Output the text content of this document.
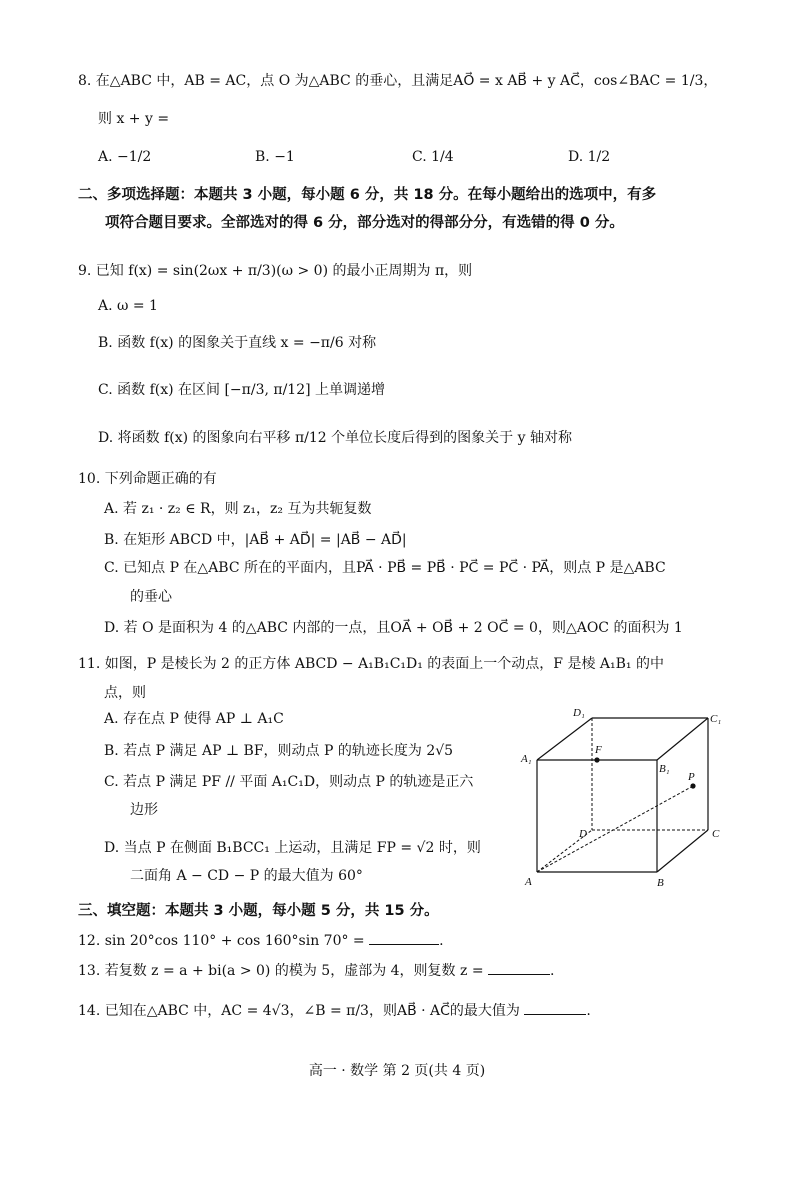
8. 在△ABC 中，AB = AC，点 O 为△ABC 的垂心，且满足AO⃗ = x AB⃗ + y AC⃗，cos∠BAC = 1/3，
则 x + y =
A. −1/2	B. −1	C. 1/4	D. 1/2
二、多项选择题：本题共 3 小题，每小题 6 分，共 18 分。在每小题给出的选项中，有多
项符合题目要求。全部选对的得 6 分，部分选对的得部分分，有选错的得 0 分。
9. 已知 f(x) = sin(2ωx + π/3)(ω > 0) 的最小正周期为 π，则
A. ω = 1
B. 函数 f(x) 的图象关于直线 x = −π/6 对称
C. 函数 f(x) 在区间 [−π/3, π/12] 上单调递增
D. 将函数 f(x) 的图象向右平移 π/12 个单位长度后得到的图象关于 y 轴对称
10. 下列命题正确的有
A. 若 z₁ · z₂ ∈ R，则 z₁，z₂ 互为共轭复数
B. 在矩形 ABCD 中，|AB⃗ + AD⃗| = |AB⃗ − AD⃗|
C. 已知点 P 在△ABC 所在的平面内，且PA⃗ · PB⃗ = PB⃗ · PC⃗ = PC⃗ · PA⃗，则点 P 是△ABC
的垂心
D. 若 O 是面积为 4 的△ABC 内部的一点，且OA⃗ + OB⃗ + 2 OC⃗ = 0，则△AOC 的面积为 1
11. 如图，P 是棱长为 2 的正方体 ABCD − A₁B₁C₁D₁ 的表面上一个动点，F 是棱 A₁B₁ 的中
点，则
A. 存在点 P 使得 AP ⊥ A₁C
B. 若点 P 满足 AP ⊥ BF，则动点 P 的轨迹长度为 2√5
C. 若点 P 满足 PF // 平面 A₁C₁D，则动点 P 的轨迹是正六
边形
D. 当点 P 在侧面 B₁BCC₁ 上运动，且满足 FP = √2 时，则
二面角 A − CD − P 的最大值为 60°
D₁	C₁
A₁
B₁
F
P
D	C
A	B
三、填空题：本题共 3 小题，每小题 5 分，共 15 分。
12. sin 20°cos 110° + cos 160°sin 70° =	.
13. 若复数 z = a + bi(a > 0) 的模为 5，虚部为 4，则复数 z =	.
14. 已知在△ABC 中，AC = 4√3，∠B = π/3，则AB⃗ · AC⃗的最大值为	.
高一 · 数学 第 2 页(共 4 页)
